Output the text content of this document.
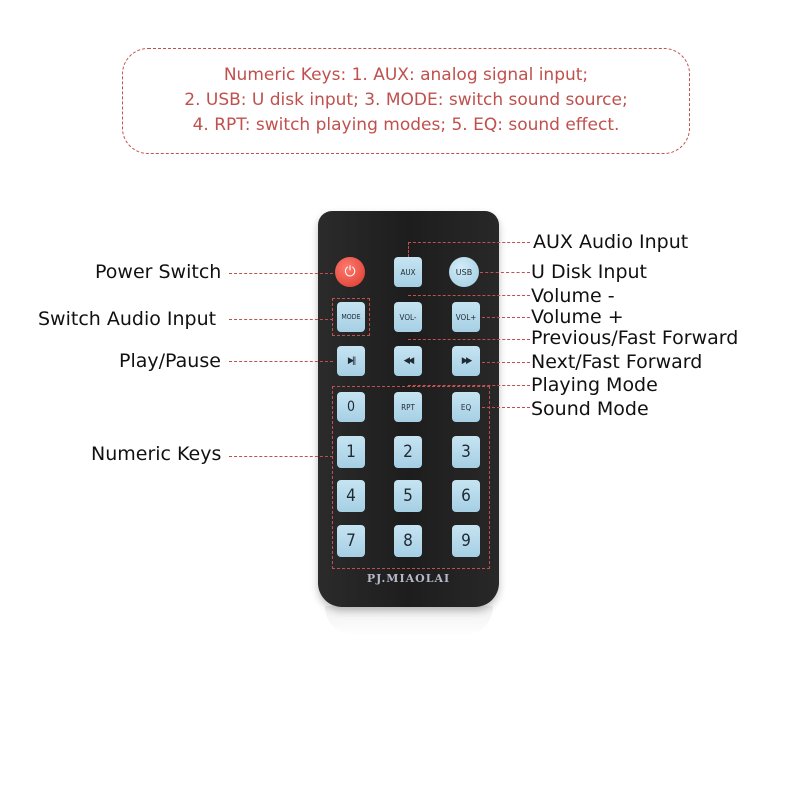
Numeric Keys: 1. AUX: analog signal input;
2. USB: U disk input; 3. MODE: switch sound source;
4. RPT: switch playing modes; 5. EQ: sound effect.
⏻	AUX	USB
MODE	VOL-	VOL+
▶ǁ	◀◀	▶▶
0	RPT	EQ
1	2	3
4	5	6
7	8	9
PJ.MIAOLAI
Power Switch
Switch Audio Input
Play/Pause
Numeric Keys
AUX Audio Input
U Disk Input
Volume -
Volume +
Previous/Fast Forward
Next/Fast Forward
Playing Mode
Sound Mode
